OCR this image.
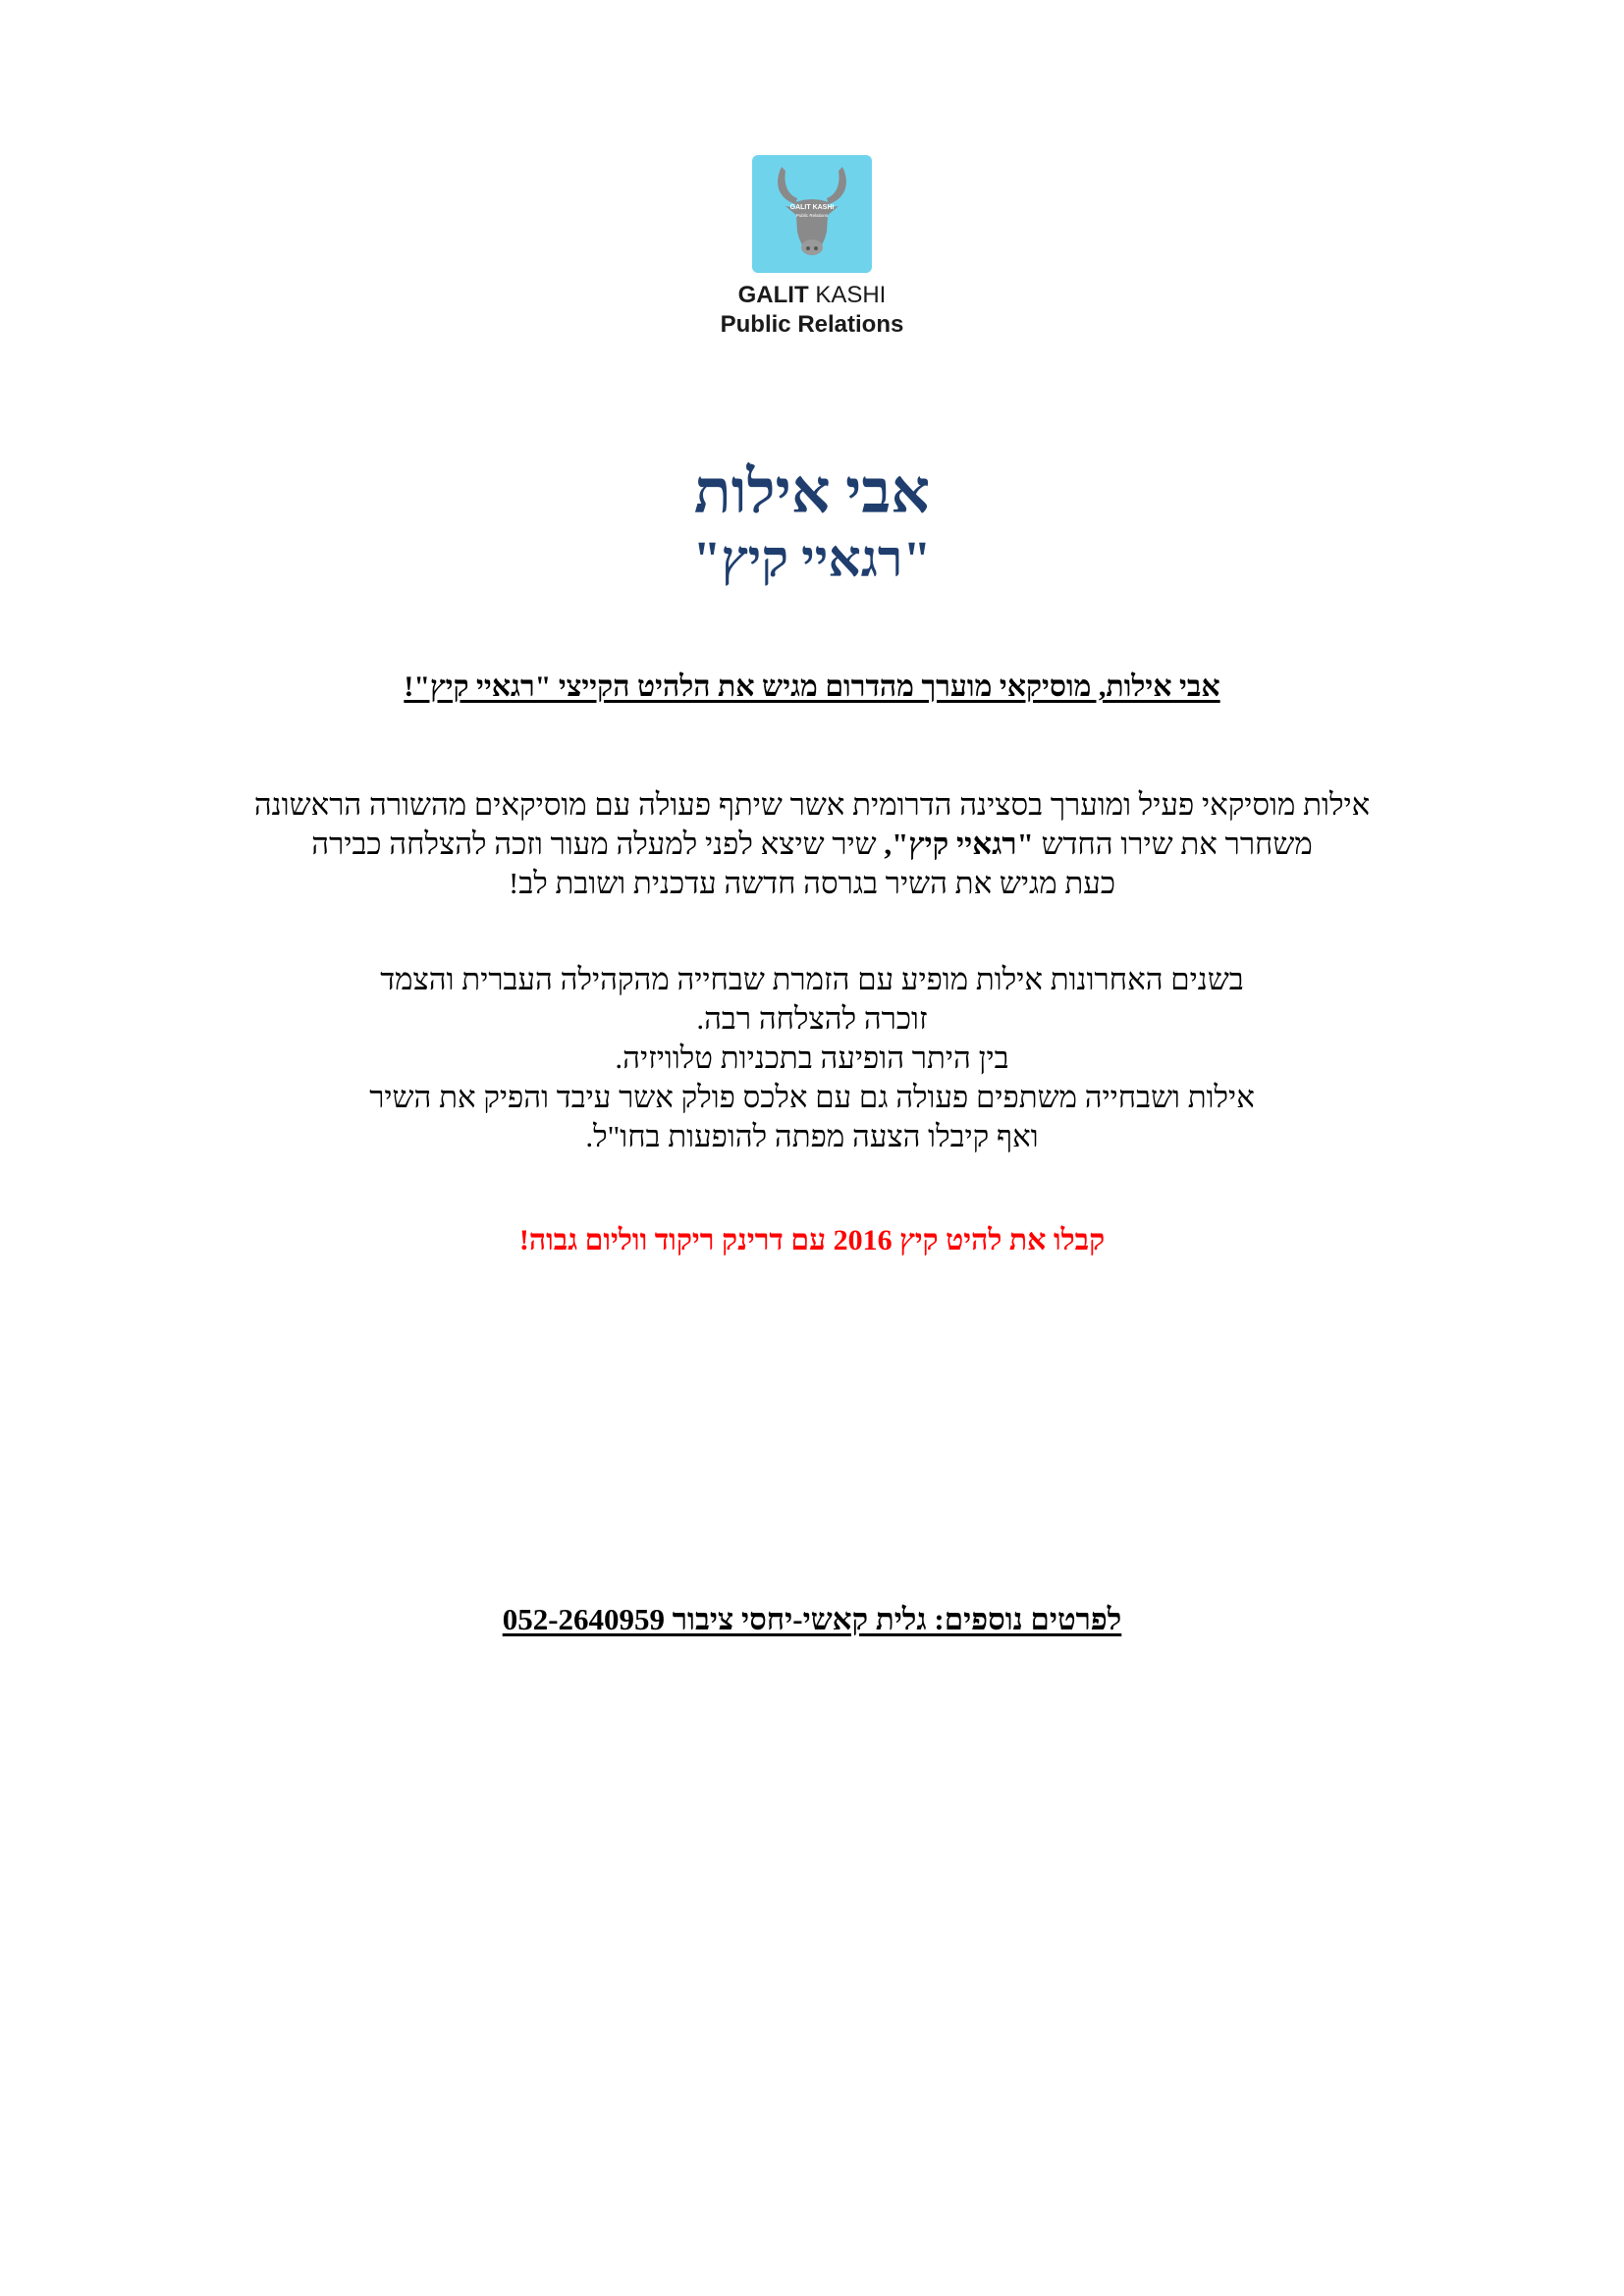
GALIT KASHI
Public Relations
GALIT KASHI
Public Relations
אבי אילות
"רגאיי קיץ"
אבי אילות, מוסיקאי מוערך מהדרום מגיש את הלהיט הקייצי "רגאיי קיץ"!
אילות מוסיקאי פעיל ומוערך בסצינה הדרומית אשר שיתף פעולה עם מוסיקאים מהשורה הראשונה
משחרר את שירו החדש "רגאיי קיץ", שיר שיצא לפני למעלה מעור וזכה להצלחה כבירה
כעת מגיש את השיר בגרסה חדשה עדכנית ושובת לב!
בשנים האחרונות אילות מופיע עם הזמרת שבחייה מהקהילה העברית והצמד
זוכרה להצלחה רבה.
בין היתר הופיעה בתכניות טלוויזיה.
אילות ושבחייה משתפים פעולה גם עם אלכס פולק אשר עיבד והפיק את השיר
ואף קיבלו הצעה מפתה להופעות בחו"ל.
קבלו את להיט קיץ 2016 עם דרינק ריקוד ווליום גבוה!
לפרטים נוספים: גלית קאשי-יחסי ציבור 052-2640959
